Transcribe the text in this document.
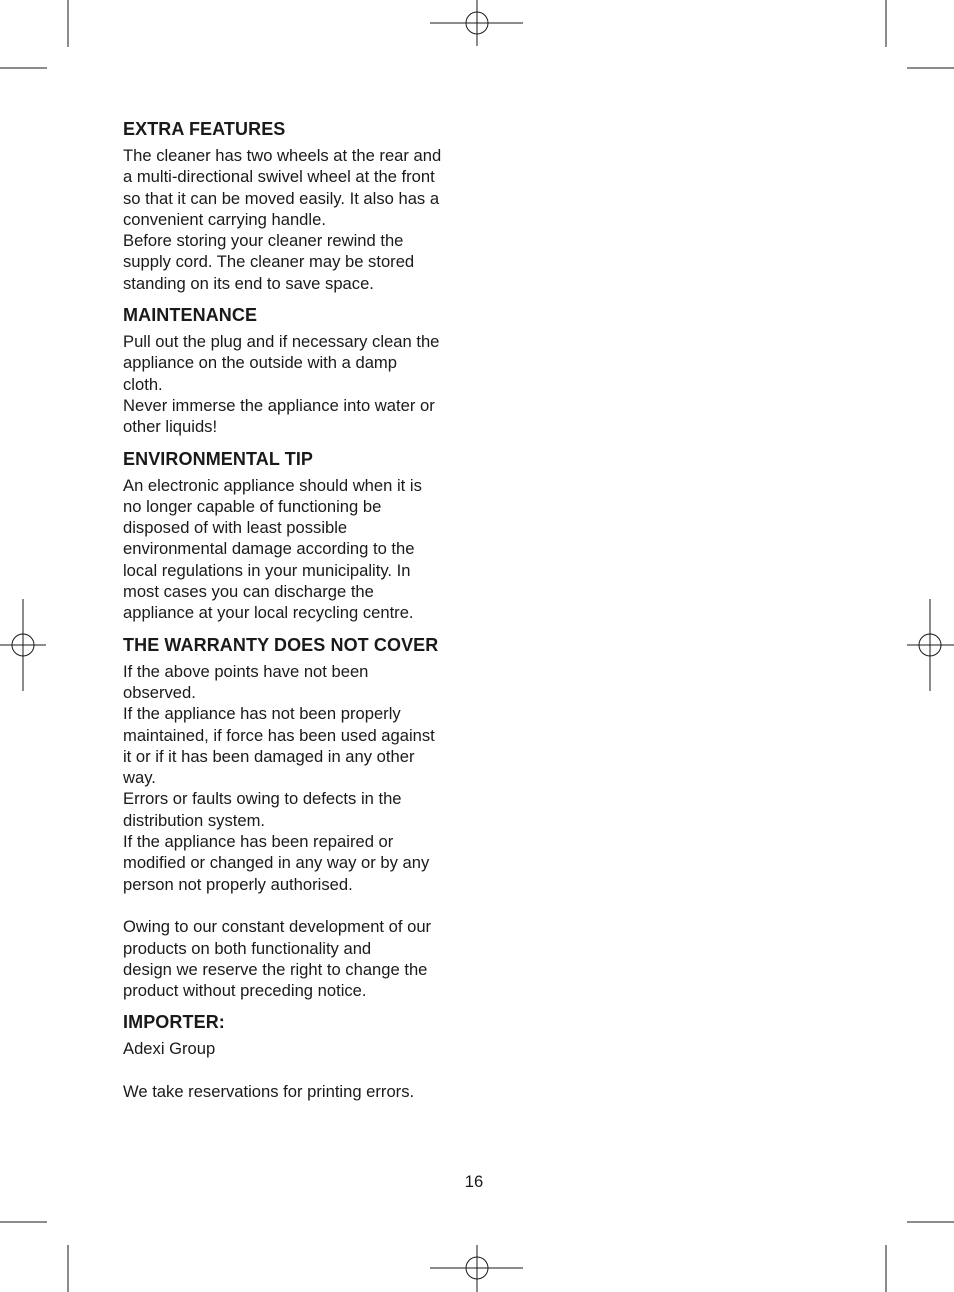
EXTRA FEATURES

The cleaner has two wheels at the rear and

a multi-directional swivel wheel at the front

so that it can be moved easily. It also has a

convenient carrying handle.

Before storing your cleaner rewind the

supply cord. The cleaner may be stored

standing on its end to save space.

MAINTENANCE

Pull out the plug and if necessary clean the

appliance on the outside with a damp

cloth.

Never immerse the appliance into water or

other liquids!

ENVIRONMENTAL TIP

An electronic appliance should when it is

no longer capable of functioning be

disposed of with least possible

environmental damage according to the

local regulations in your municipality. In

most cases you can discharge the

appliance at your local recycling centre.

THE WARRANTY DOES NOT COVER

If the above points have not been

observed.

If the appliance has not been properly

maintained, if force has been used against

it or if it has been damaged in any other

way.

Errors or faults owing to defects in the

distribution system.

If the appliance has been repaired or

modified or changed in any way or by any

person not properly authorised.

Owing to our constant development of our

products on both functionality and

design we reserve the right to change the

product without preceding notice.

IMPORTER:

Adexi Group

We take reservations for printing errors.

16
